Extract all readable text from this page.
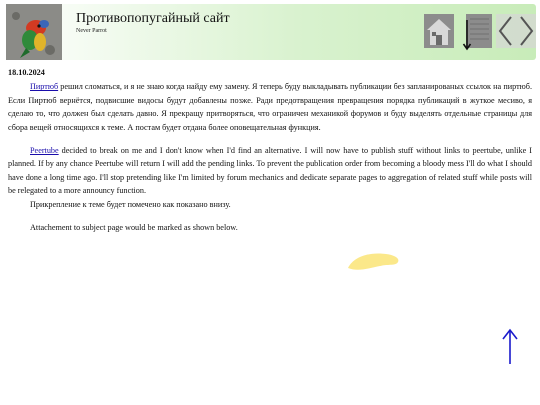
Противопопугайный сайт
Never Parrot
18.10.2024

Пиртюб решил сломаться, и я не знаю когда найду ему замену. Я теперь буду выкладывать публикации без запланированых ссылок на пиртюб. Если Пиртюб вернётся, подвисшие видосы будут добавлены позже. Ради предотвращения превращения порядка публикаций в жуткое месиво, я сделаю то, что должен был сделать давно. Я прекращу притворяться, что ограничен механикой форумов и буду выделять отдельные страницы для сбора вещей относящихся к теме. А постам будет отдана более оповещательная функция.

Peertube decided to break on me and I don't know when I'd find an alternative. I will now have to publish stuff without links to peertube, unlike I planned. If by any chance Peertube will return I will add the pending links. To prevent the publication order from becoming a bloody mess I'll do what I should have done a long time ago. I'll stop pretending like I'm limited by forum mechanics and dedicate separate pages to aggregation of related stuff while posts will be relegated to a more announcy function.

Прикрепление к теме будет помечено как показано внизу.

Attachement to subject page would be marked as shown below.
